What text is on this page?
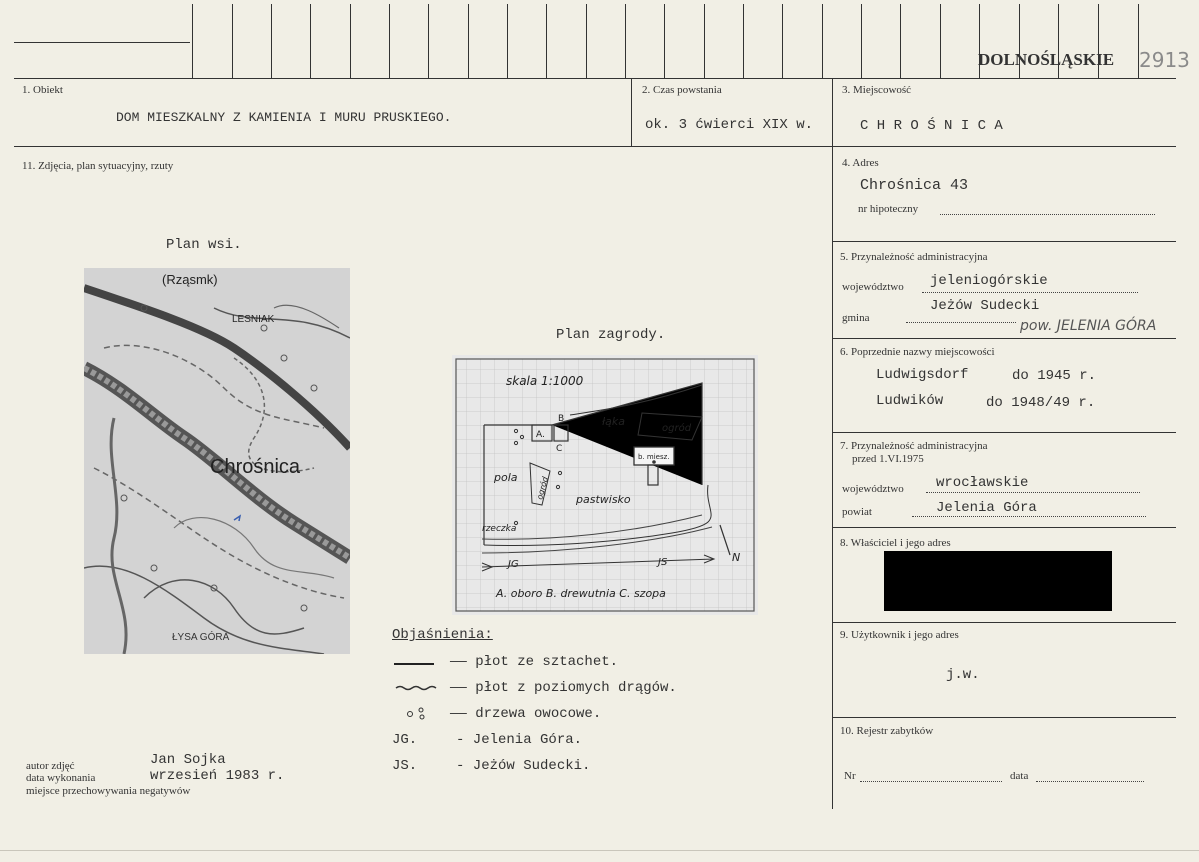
DOLNOŚLĄSKIE 2913
1. Obiekt
DOM MIESZKALNY Z KAMIENIA I MURU PRUSKIEGO.
2. Czas powstania
ok. 3 ćwierci XIX w.
3. Miejscowość
C H R O Ś N I C A
4. Adres
Chrośnica 43
nr hipoteczny
5. Przynależność administracyjna
województwo jeleniogórskie
gmina
Jeżów Sudecki
pow. JELENIA GÓRA
6. Poprzednie nazwy miejscowości
Ludwigsdorf	do 1945 r.
Ludwików	do 1948/49 r.
7. Przynależność administracyjna
przed 1.VI.1975
województwo wrocławskie
powiat	Jelenia Góra
8. Właściciel i jego adres
9. Użytkownik i jego adres
j.w.
10. Rejestr zabytków
Nr	data
11. Zdjęcia, plan sytuacyjny, rzuty
Plan wsi.
(Rząsmk)
LESNIAK
Chrośnica
ŁYSA GÓRA
Plan zagrody.
skala 1:1000
A.
B
C
łąka
ogród
b. miesz.
pola ogród pastwisko
rzeczka
JG	JS	N
A. oboro B. drewutnia C. szopa
Objaśnienia:
—— płot ze sztachet.
—— płot z poziomych drągów.
—— drzewa owocowe.
JG.	- Jelenia Góra.
JS.	- Jeżów Sudecki.
autor zdjęć	Jan Sojka
data wykonania	wrzesień 1983 r.
miejsce przechowywania negatywów
